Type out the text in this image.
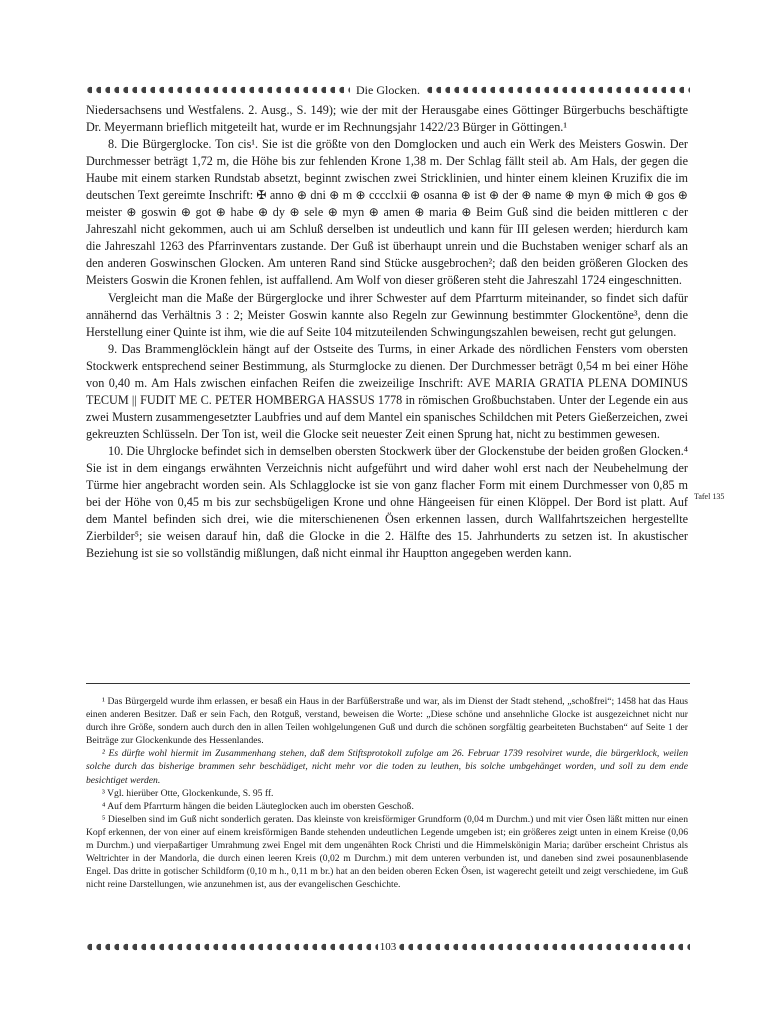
Die Glocken.

Niedersachsens und Westfalens. 2. Ausg., S. 149); wie der mit der Herausgabe eines Göttinger Bürgerbuchs beschäftigte Dr. Meyermann brieflich mitgeteilt hat, wurde er im Rechnungsjahr 1422/23 Bürger in Göttingen.¹

8. Die Bürgerglocke. Ton cis¹. Sie ist die größte von den Domglocken und auch ein Werk des Meisters Goswin. Der Durchmesser beträgt 1,72 m, die Höhe bis zur fehlenden Krone 1,38 m. Der Schlag fällt steil ab. Am Hals, der gegen die Haube mit einem starken Rundstab absetzt, beginnt zwischen zwei Stricklinien, und hinter einem kleinen Kruzifix die im deutschen Text gereimte Inschrift: ✠ anno ⊕ dni ⊕ m ⊕ cccclxii ⊕ osanna ⊕ ist ⊕ der ⊕ name ⊕ myn ⊕ mich ⊕ gos ⊕ meister ⊕ goswin ⊕ got ⊕ habe ⊕ dy ⊕ sele ⊕ myn ⊕ amen ⊕ maria ⊕ Beim Guß sind die beiden mittleren c der Jahreszahl nicht gekommen, auch ui am Schluß derselben ist undeutlich und kann für III gelesen werden; hierdurch kam die Jahreszahl 1263 des Pfarrinventars zustande. Der Guß ist überhaupt unrein und die Buchstaben weniger scharf als an den anderen Goswinschen Glocken. Am unteren Rand sind Stücke ausgebrochen²; daß den beiden größeren Glocken des Meisters Goswin die Kronen fehlen, ist auffallend. Am Wolf von dieser größeren steht die Jahreszahl 1724 eingeschnitten.

Vergleicht man die Maße der Bürgerglocke und ihrer Schwester auf dem Pfarrturm miteinander, so findet sich dafür annähernd das Verhältnis 3 : 2; Meister Goswin kannte also Regeln zur Gewinnung bestimmter Glockentöne³, denn die Herstellung einer Quinte ist ihm, wie die auf Seite 104 mitzuteilenden Schwingungszahlen beweisen, recht gut gelungen.

9. Das Brammenglöcklein hängt auf der Ostseite des Turms, in einer Arkade des nördlichen Fensters vom obersten Stockwerk entsprechend seiner Bestimmung, als Sturmglocke zu dienen. Der Durchmesser beträgt 0,54 m bei einer Höhe von 0,40 m. Am Hals zwischen einfachen Reifen die zweizeilige Inschrift: AVE MARIA GRATIA PLENA DOMINUS TECUM || FUDIT ME C. PETER HOMBERGA HASSUS 1778 in römischen Großbuchstaben. Unter der Legende ein aus zwei Mustern zusammengesetzter Laubfries und auf dem Mantel ein spanisches Schildchen mit Peters Gießerzeichen, zwei gekreuzten Schlüsseln. Der Ton ist, weil die Glocke seit neuester Zeit einen Sprung hat, nicht zu bestimmen gewesen.

10. Die Uhrglocke befindet sich in demselben obersten Stockwerk über der Glockenstube der beiden großen Glocken.⁴ Sie ist in dem eingangs erwähnten Verzeichnis nicht aufgeführt und wird daher wohl erst nach der Neubehelmung der Türme hier angebracht worden sein. Als Schlagglocke ist sie von ganz flacher Form mit einem Durchmesser von 0,85 m bei der Höhe von 0,45 m bis zur sechsbügeligen Krone und ohne Hängeeisen für einen Klöppel. Der Bord ist platt. Auf dem Mantel befinden sich drei, wie die miterschienenen Ösen erkennen lassen, durch Wallfahrtszeichen hergestellte Zierbilder⁵; sie weisen darauf hin, daß die Glocke in die 2. Hälfte des 15. Jahrhunderts zu setzen ist. In akustischer Beziehung ist sie so vollständig mißlungen, daß nicht einmal ihr Hauptton angegeben werden kann.

Tafel 135

¹ Das Bürgergeld wurde ihm erlassen, er besaß ein Haus in der Barfüßerstraße und war, als im Dienst der Stadt stehend, „schoßfrei“; 1458 hat das Haus einen anderen Besitzer. Daß er sein Fach, den Rotguß, verstand, beweisen die Worte: „Diese schöne und ansehnliche Glocke ist ausgezeichnet nicht nur durch ihre Größe, sondern auch durch den in allen Teilen wohlgelungenen Guß und durch die schönen sorgfältig gearbeiteten Buchstaben“ auf Seite 1 der Beiträge zur Glockenkunde des Hessenlandes.

² Es dürfte wohl hiermit im Zusammenhang stehen, daß dem Stiftsprotokoll zufolge am 26. Februar 1739 resolviret wurde, die bürgerklock, weilen solche durch das bisherige brammen sehr beschädiget, nicht mehr vor die toden zu leuthen, bis solche umbgehänget worden, und soll zu dem ende besichtiget werden.

³ Vgl. hierüber Otte, Glockenkunde, S. 95 ff.

⁴ Auf dem Pfarrturm hängen die beiden Läuteglocken auch im obersten Geschoß.

⁵ Dieselben sind im Guß nicht sonderlich geraten. Das kleinste von kreisförmiger Grundform (0,04 m Durchm.) und mit vier Ösen läßt mitten nur einen Kopf erkennen, der von einer auf einem kreisförmigen Bande stehenden undeutlichen Legende umgeben ist; ein größeres zeigt unten in einem Kreise (0,06 m Durchm.) und vierpaßartiger Umrahmung zwei Engel mit dem ungenähten Rock Christi und die Himmelskönigin Maria; darüber erscheint Christus als Weltrichter in der Mandorla, die durch einen leeren Kreis (0,02 m Durchm.) mit dem unteren verbunden ist, und daneben sind zwei posaunenblasende Engel. Das dritte in gotischer Schildform (0,10 m h., 0,11 m br.) hat an den beiden oberen Ecken Ösen, ist wagerecht geteilt und zeigt verschiedene, im Guß nicht reine Darstellungen, wie anzunehmen ist, aus der evangelischen Geschichte.

103
